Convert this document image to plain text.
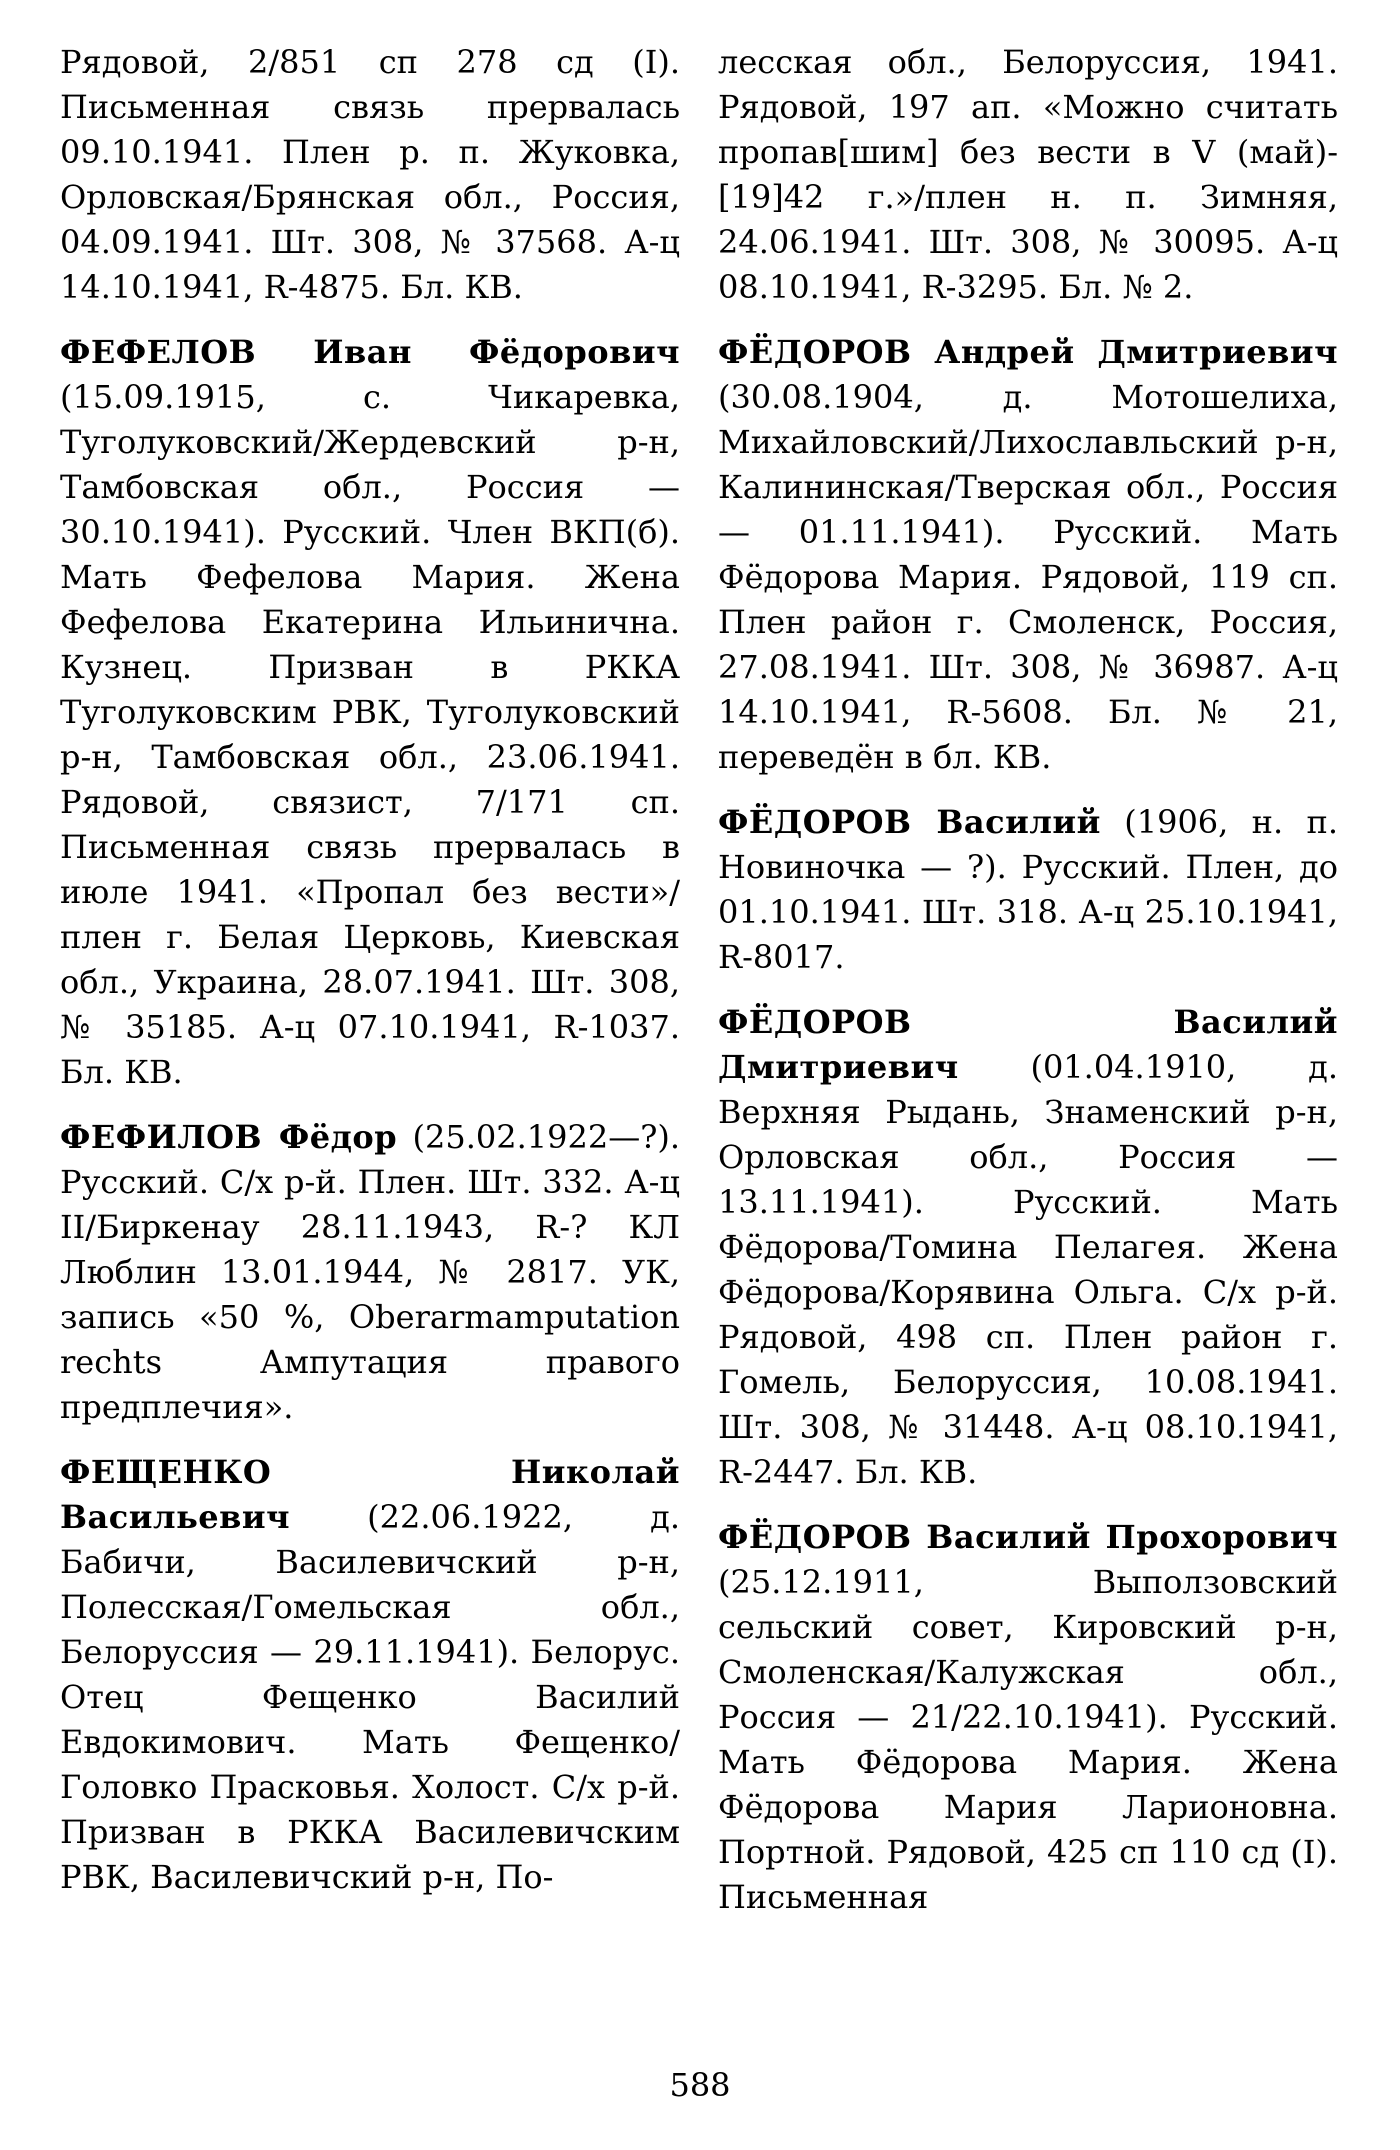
Рядовой, 2/851 сп 278 сд (I). Письменная связь прервалась 09.10.1941. Плен р. п. Жуковка, Орловская/Брянская обл., Россия, 04.09.1941. Шт. 308, № 37568. А-ц 14.10.1941, R-4875. Бл. КВ.

ФЕФЕЛОВ Иван Фёдорович (15.09.1915, с. Чикаревка, Туголуковский/Жердевский р-н, Тамбовская обл., Россия — 30.10.1941). Русский. Член ВКП(б). Мать Фефелова Мария. Жена Фефелова Екатерина Ильинична. Кузнец. Призван в РККА Туголуковским РВК, Туголуковский р-н, Тамбовская обл., 23.06.1941. Рядовой, связист, 7/171 сп. Письменная связь прервалась в июле 1941. «Пропал без вести»/плен г. Белая Церковь, Киевская обл., Украина, 28.07.1941. Шт. 308, № 35185. А-ц 07.10.1941, R-1037. Бл. КВ.

ФЕФИЛОВ Фёдор (25.02.1922—?). Русский. С/х р-й. Плен. Шт. 332. А-ц II/Биркенау 28.11.1943, R-? КЛ Люблин 13.01.1944, № 2817. УК, запись «50 %, Oberarmamputation rechts Ампутация правого предплечия».

ФЕЩЕНКО Николай Васильевич (22.06.1922, д. Бабичи, Василевичский р-н, Полесская/Гомельская обл., Белоруссия — 29.11.1941). Белорус. Отец Фещенко Василий Евдокимович. Мать Фещенко/Головко Прасковья. Холост. С/х р-й. Призван в РККА Василевичским РВК, Василевичский р-н, По-

лесская обл., Белоруссия, 1941. Рядовой, 197 ап. «Можно считать пропав[шим] без вести в V (май)-[19]42 г.»/плен н. п. Зимняя, 24.06.1941. Шт. 308, № 30095. А-ц 08.10.1941, R-3295. Бл. № 2.

ФЁДОРОВ Андрей Дмитриевич (30.08.1904, д. Мотошелиха, Михайловский/Лихославльский р-н, Калининская/Тверская обл., Россия — 01.11.1941). Русский. Мать Фёдорова Мария. Рядовой, 119 сп. Плен район г. Смоленск, Россия, 27.08.1941. Шт. 308, № 36987. А-ц 14.10.1941, R-5608. Бл. № 21, переведён в бл. КВ.

ФЁДОРОВ Василий (1906, н. п. Новиночка — ?). Русский. Плен, до 01.10.1941. Шт. 318. А-ц 25.10.1941, R-8017.

ФЁДОРОВ Василий Дмитриевич (01.04.1910, д. Верхняя Рыдань, Знаменский р-н, Орловская обл., Россия — 13.11.1941). Русский. Мать Фёдорова/Томина Пелагея. Жена Фёдорова/Корявина Ольга. С/х р-й. Рядовой, 498 сп. Плен район г. Гомель, Белоруссия, 10.08.1941. Шт. 308, № 31448. А-ц 08.10.1941, R-2447. Бл. КВ.

ФЁДОРОВ Василий Прохорович (25.12.1911, Выползовский сельский совет, Кировский р-н, Смоленская/Калужская обл., Россия — 21/22.10.1941). Русский. Мать Фёдорова Мария. Жена Фёдорова Мария Ларионовна. Портной. Рядовой, 425 сп 110 сд (I). Письменная

588
